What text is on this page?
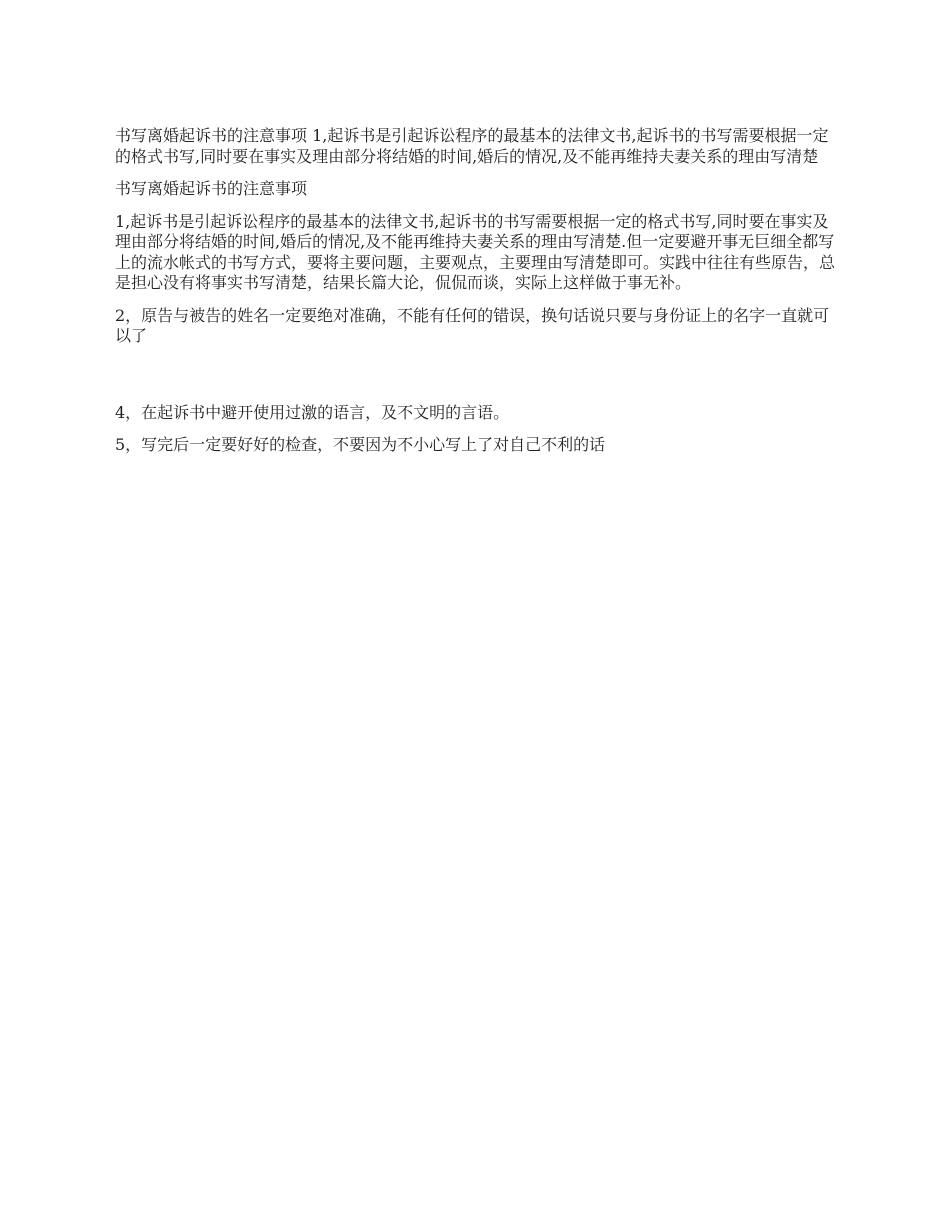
书写离婚起诉书的注意事项 1,起诉书是引起诉讼程序的最基本的法律文书,起诉书的书写需要根据一定的格式书写,同时要在事实及理由部分将结婚的时间,婚后的情况,及不能再维持夫妻关系的理由写清楚

书写离婚起诉书的注意事项

1,起诉书是引起诉讼程序的最基本的法律文书,起诉书的书写需要根据一定的格式书写,同时要在事实及理由部分将结婚的时间,婚后的情况,及不能再维持夫妻关系的理由写清楚.但一定要避开事无巨细全都写上的流水帐式的书写方式，要将主要问题，主要观点，主要理由写清楚即可。实践中往往有些原告，总是担心没有将事实书写清楚，结果长篇大论，侃侃而谈，实际上这样做于事无补。

2，原告与被告的姓名一定要绝对准确，不能有任何的错误，换句话说只要与身份证上的名字一直就可以了

4，在起诉书中避开使用过激的语言，及不文明的言语。

5，写完后一定要好好的检查，不要因为不小心写上了对自己不利的话
